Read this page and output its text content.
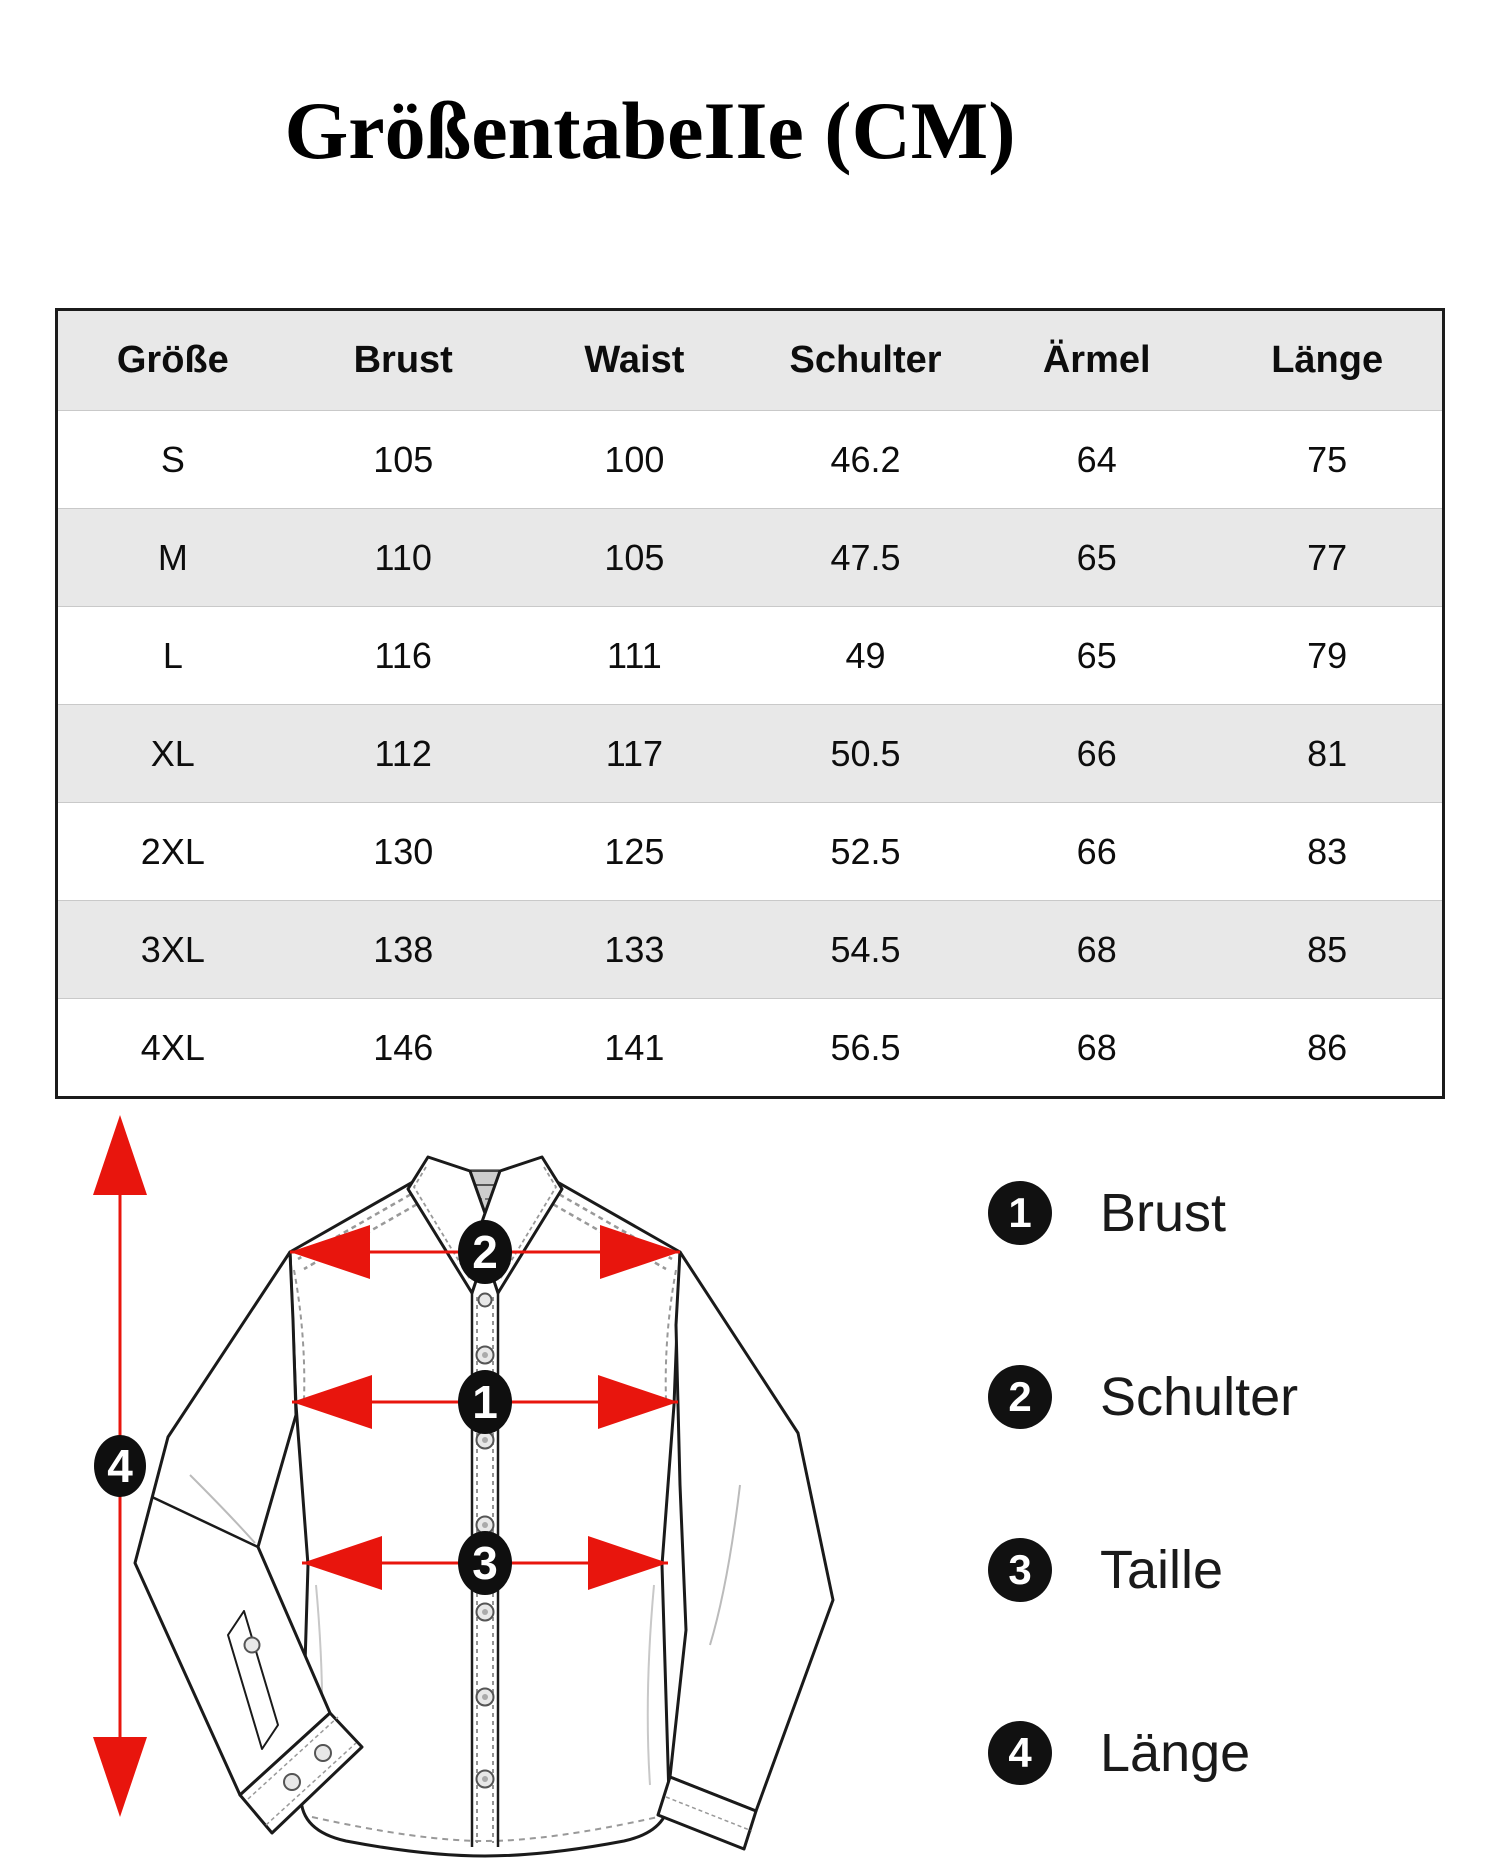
GrößentabeIIe (CM)
Größe	Brust	Waist	Schulter	Ärmel	Länge
S	105	100	46.2	64	75
M	110	105	47.5	65	77
L	116	111	49	65	79
XL	112	117	50.5	66	81
2XL	130	125	52.5	66	83
3XL	138	133	54.5	68	85
4XL	146	141	56.5	68	86
1
2
3
4
1	Brust
2	Schulter
3	Taille
4	Länge
